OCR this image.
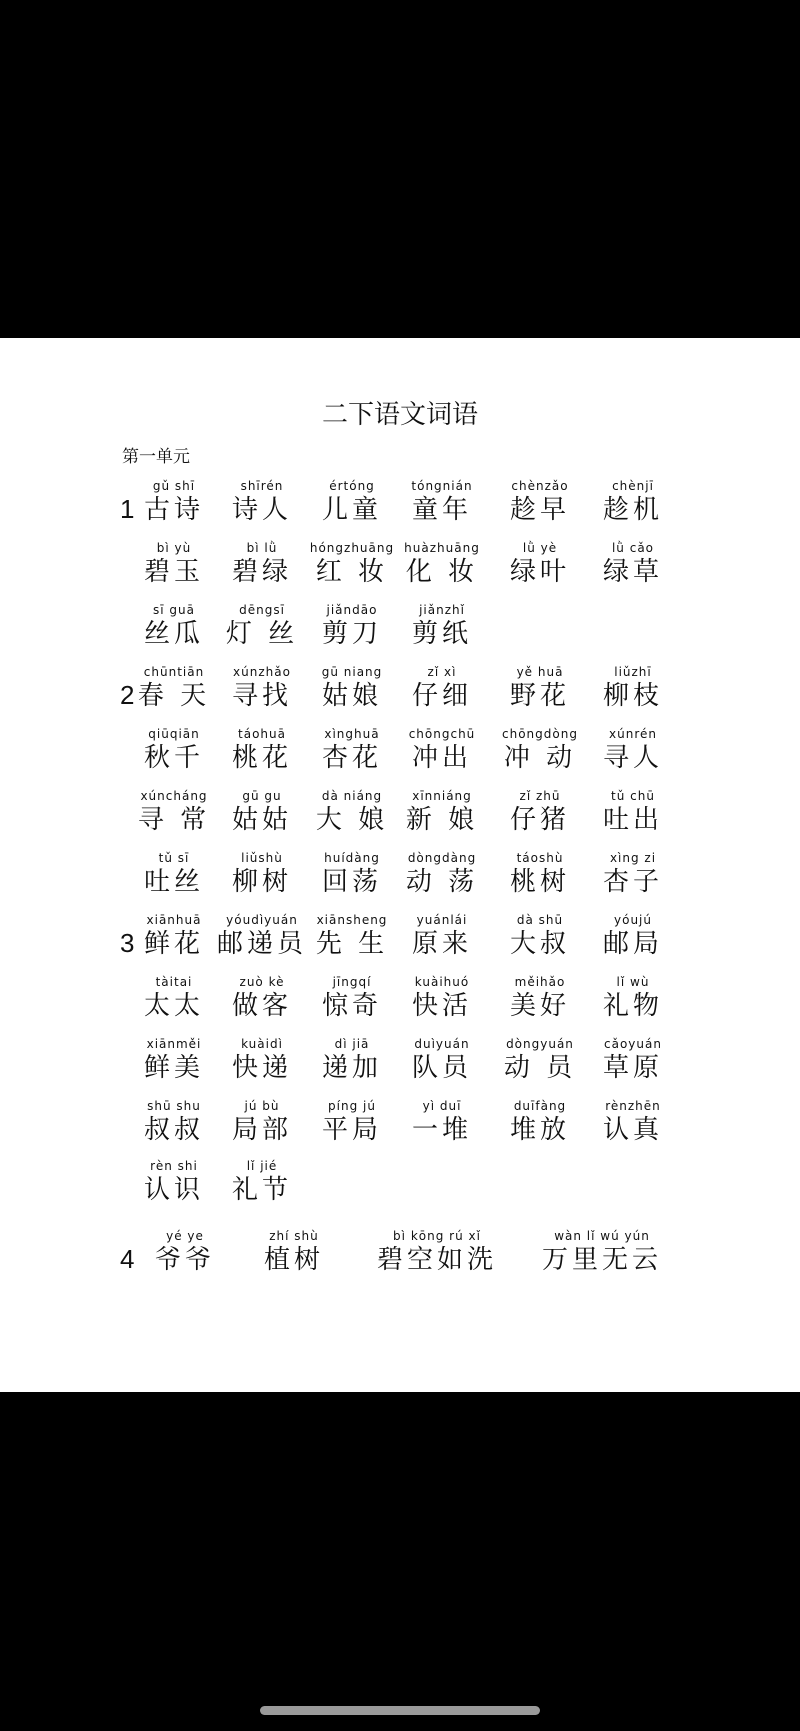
二下语文词语
第一单元
1
gǔ shī
古诗
shīrén
诗人
értóng
儿童
tóngnián
童年
chènzǎo
趁早
chènjī
趁机
bì yù
碧玉
bì lǜ
碧绿
hóngzhuāng
红 妆
huàzhuāng
化 妆
lǜ yè
绿叶
lǜ cǎo
绿草
sī guā
丝瓜
dēngsī
灯 丝
jiǎndāo
剪刀
jiǎnzhǐ
剪纸
2
chūntiān
春 天
xúnzhǎo
寻找
gū niang
姑娘
zǐ xì
仔细
yě huā
野花
liǔzhī
柳枝
qiūqiān
秋千
táohuā
桃花
xìnghuā
杏花
chōngchū
冲出
chōngdòng
冲 动
xúnrén
寻人
xúncháng
寻 常
gū gu
姑姑
dà niáng
大 娘
xīnniáng
新 娘
zǐ zhū
仔猪
tǔ chū
吐出
tǔ sī
吐丝
liǔshù
柳树
huídàng
回荡
dòngdàng
动 荡
táoshù
桃树
xìng zi
杏子
3
xiānhuā
鲜花
yóudìyuán
邮递员
xiānsheng
先 生
yuánlái
原来
dà shū
大叔
yóujú
邮局
tàitai
太太
zuò kè
做客
jīngqí
惊奇
kuàihuó
快活
měihǎo
美好
lǐ wù
礼物
xiānměi
鲜美
kuàidì
快递
dì jiā
递加
duìyuán
队员
dòngyuán
动 员
cǎoyuán
草原
shū shu
叔叔
jú bù
局部
píng jú
平局
yì duī
一堆
duīfàng
堆放
rènzhēn
认真
rèn shi
认识
lǐ jié
礼节
4
yé ye
爷爷
zhí shù
植树
bì kōng rú xǐ
碧空如洗
wàn lǐ wú yún
万里无云
